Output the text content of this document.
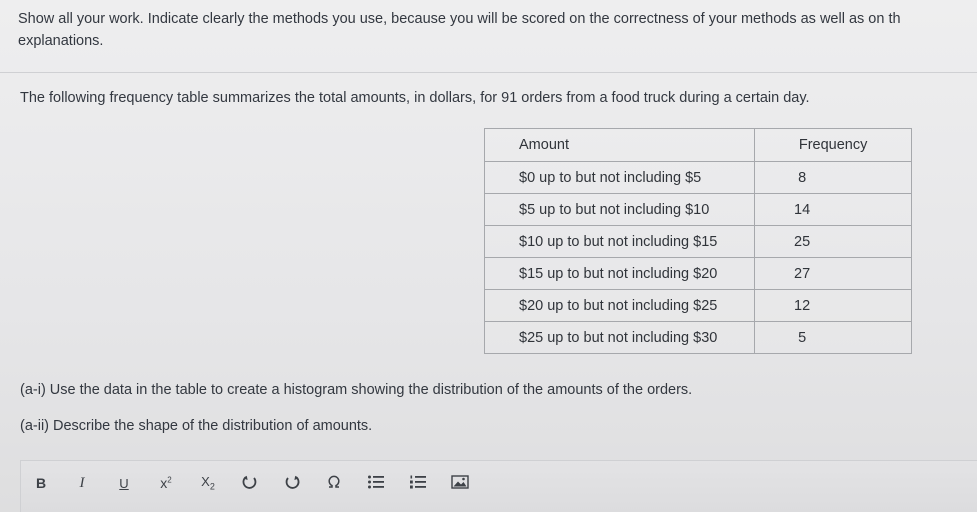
Show all your work. Indicate clearly the methods you use, because you will be scored on the correctness of your methods as well as on th
explanations.
The following frequency table summarizes the total amounts, in dollars, for 91 orders from a food truck during a certain day.
Amount	Frequency
$0 up to but not including $5	8
$5 up to but not including $10	14
$10 up to but not including $15	25
$15 up to but not including $20	27
$20 up to but not including $25	12
$25 up to but not including $30	5
(a-i) Use the data in the table to create a histogram showing the distribution of the amounts of the orders.
(a-ii) Describe the shape of the distribution of amounts.
B I	U $x^2$ $X_2$
